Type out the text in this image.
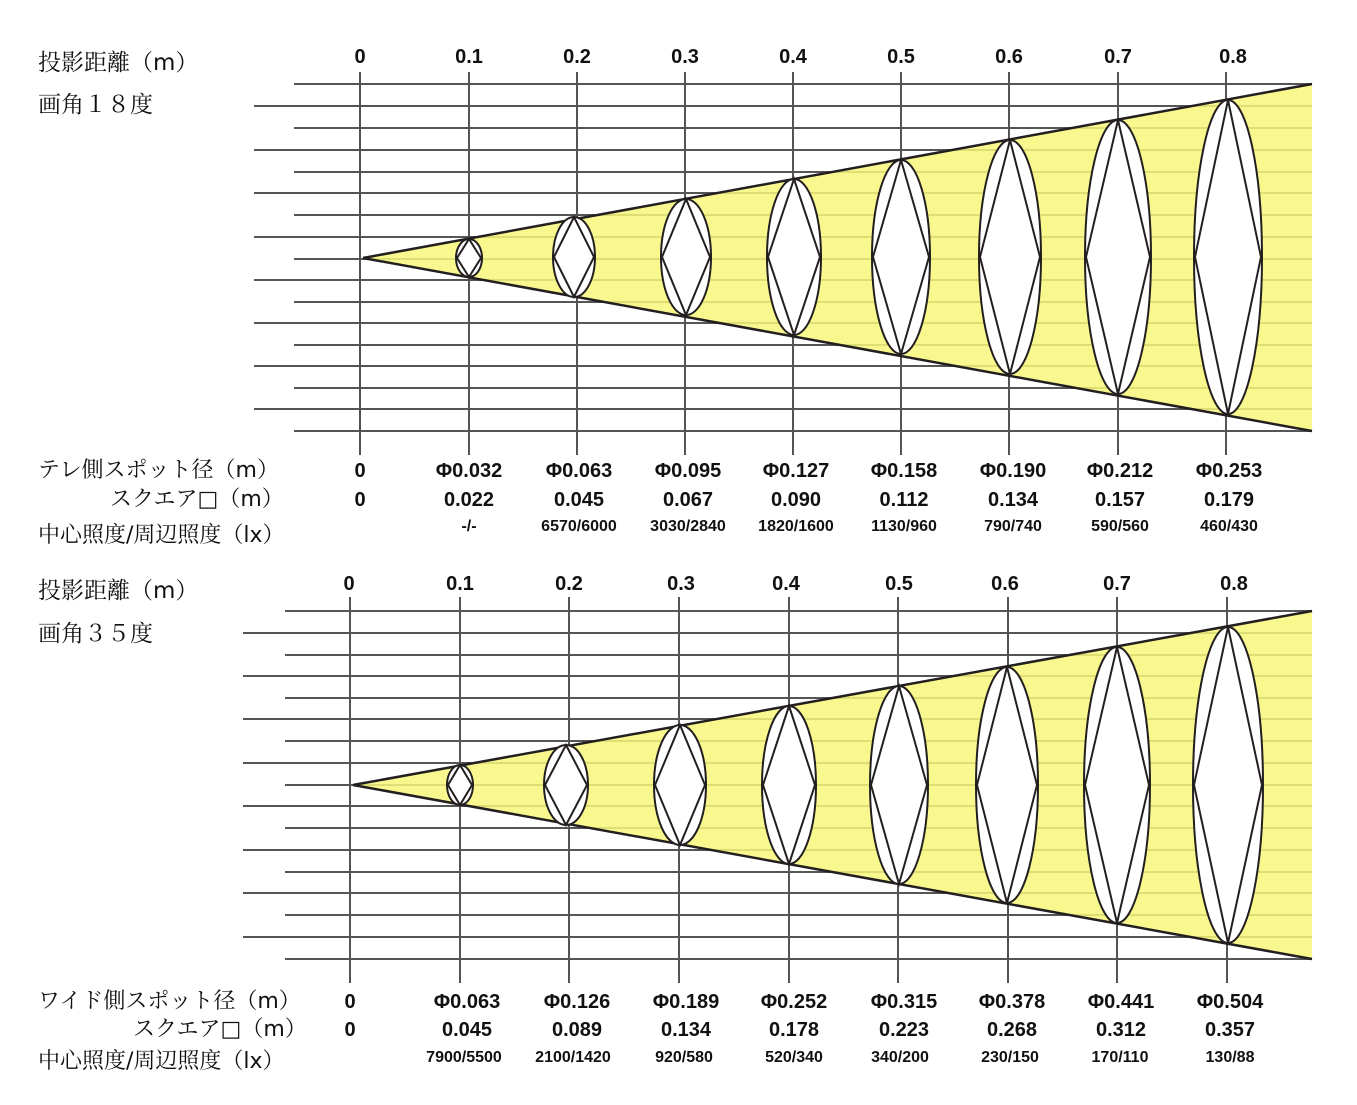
投影距離（m）
画角１８度
0	0.1	0.2	0.3	0.4	0.5	0.6	0.7	0.8
テレ側スポット径（m）
スクエア□（m）
中心照度/周辺照度（lx）
0	Φ0.032 Φ0.063 Φ0.095 Φ0.127 Φ0.158 Φ0.190 Φ0.212 Φ0.253
0	0.022	0.045	0.067	0.090	0.112	0.134	0.157	0.179
-/-	6570/6000 3030/2840 1820/1600 1130/960	790/740	590/560	460/430
投影距離（m）
画角３５度
0	0.1	0.2	0.3	0.4	0.5	0.6	0.7	0.8
ワイド側スポット径（m）
スクエア□（m）
中心照度/周辺照度（lx）
0	Φ0.063 Φ0.126 Φ0.189 Φ0.252 Φ0.315 Φ0.378 Φ0.441 Φ0.504
0	0.045	0.089	0.134	0.178	0.223	0.268	0.312	0.357
7900/5500 2100/1420	920/580	520/340	340/200	230/150	170/110	130/88
